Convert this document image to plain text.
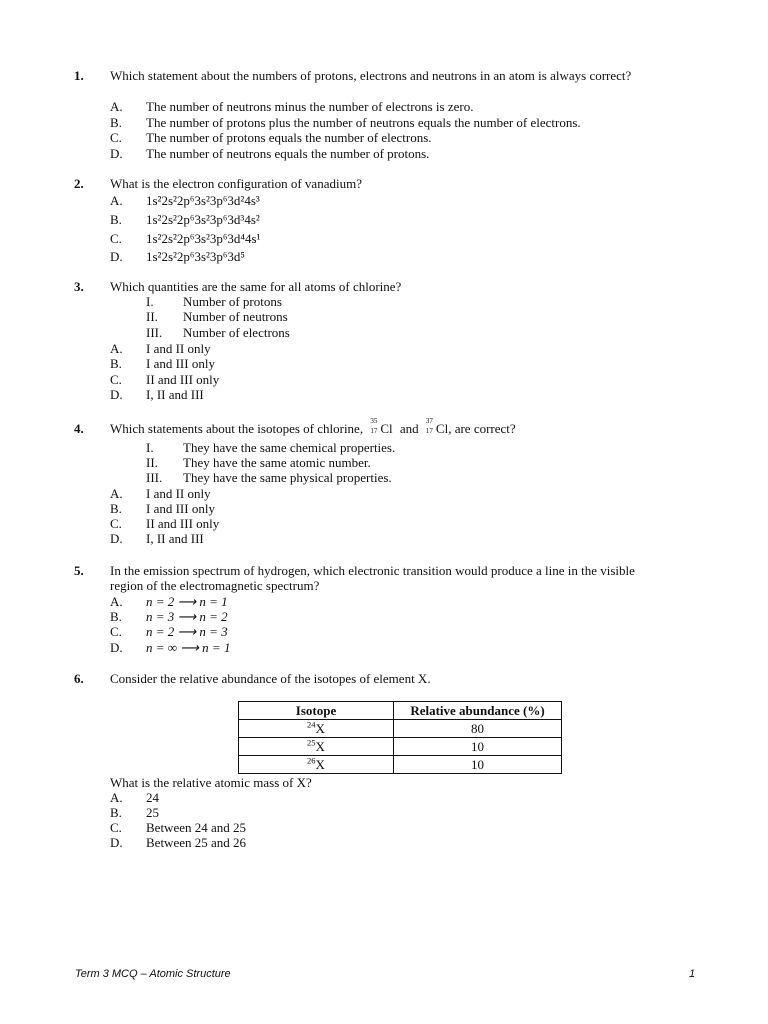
1. Which statement about the numbers of protons, electrons and neutrons in an atom is always correct?
A. The number of neutrons minus the number of electrons is zero.
B. The number of protons plus the number of neutrons equals the number of electrons.
C. The number of protons equals the number of electrons.
D. The number of neutrons equals the number of protons.
2. What is the electron configuration of vanadium?
A. 1s²2s²2p⁶3s²3p⁶3d²4s³
B. 1s²2s²2p⁶3s²3p⁶3d³4s²
C. 1s²2s²2p⁶3s²3p⁶3d⁴4s¹
D. 1s²2s²2p⁶3s²3p⁶3d⁵
3. Which quantities are the same for all atoms of chlorine?
I. Number of protons
II. Number of neutrons
III. Number of electrons
A. I and II only
B. I and III only
C. II and III only
D. I, II and III
4. Which statements about the isotopes of chlorine, 35
17 Cl and 37
17 Cl, are correct?
I. They have the same chemical properties.
II. They have the same atomic number.
III. They have the same physical properties.
A. I and II only
B. I and III only
C. II and III only
D. I, II and III
5. In the emission spectrum of hydrogen, which electronic transition would produce a line in the visible region of the electromagnetic spectrum?
A. n = 2 ⟶ n = 1
B. n = 3 ⟶ n = 2
C. n = 2 ⟶ n = 3
D. n = ∞ ⟶ n = 1
6. Consider the relative abundance of the isotopes of element X.
Isotope	Relative abundance (%)
$^{24}$X	80
$^{25}$X	10
$^{26}$X	10
What is the relative atomic mass of X?
A. 24
B. 25
C. Between 24 and 25
D. Between 25 and 26
Term 3 MCQ – Atomic Structure	1
